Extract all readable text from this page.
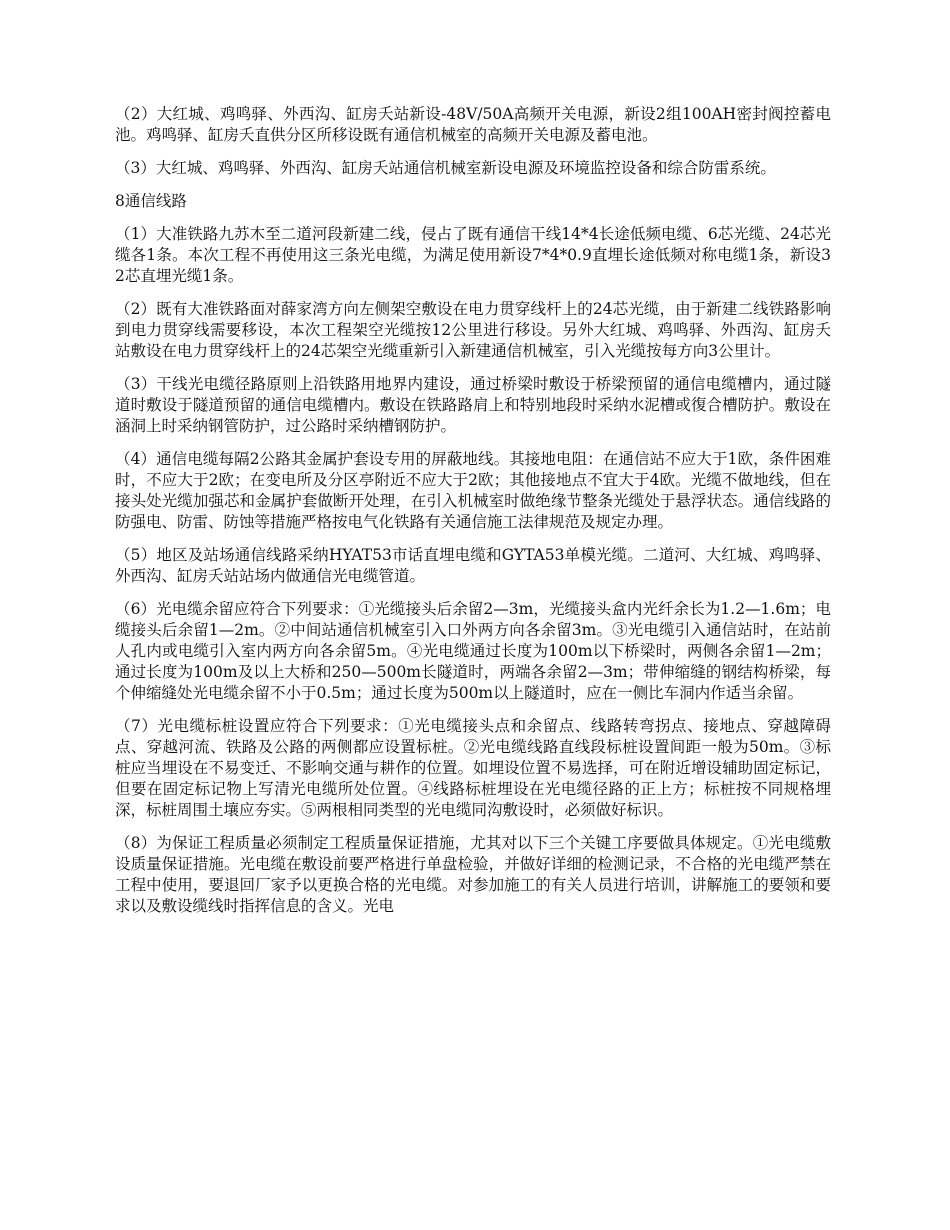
（2）大红城、鸡鸣驿、外西沟、缸房夭站新设-48V/50A高频开关电源，新设2组100AH密封阀控蓄电池。鸡鸣驿、缸房夭直供分区所移设既有通信机械室的高频开关电源及蓄电池。

（3）大红城、鸡鸣驿、外西沟、缸房夭站通信机械室新设电源及环境监控设备和综合防雷系统。

8通信线路

（1）大准铁路九苏木至二道河段新建二线，侵占了既有通信干线14*4长途低频电缆、6芯光缆、24芯光缆各1条。本次工程不再使用这三条光电缆，为满足使用新设7*4*0.9直埋长途低频对称电缆1条，新设32芯直埋光缆1条。

（2）既有大准铁路面对薛家湾方向左侧架空敷设在电力贯穿线杆上的24芯光缆，由于新建二线铁路影响到电力贯穿线需要移设，本次工程架空光缆按12公里进行移设。另外大红城、鸡鸣驿、外西沟、缸房夭站敷设在电力贯穿线杆上的24芯架空光缆重新引入新建通信机械室，引入光缆按每方向3公里计。

（3）干线光电缆径路原则上沿铁路用地界内建设，通过桥梁时敷设于桥梁预留的通信电缆槽内，通过隧道时敷设于隧道预留的通信电缆槽内。敷设在铁路路肩上和特别地段时采纳水泥槽或復合槽防护。敷设在涵洞上时采纳钢管防护，过公路时采纳槽钢防护。

（4）通信电缆每隔2公路其金属护套设专用的屏蔽地线。其接地电阻：在通信站不应大于1欧，条件困难时，不应大于2欧；在变电所及分区亭附近不应大于2欧；其他接地点不宜大于4欧。光缆不做地线，但在接头处光缆加强芯和金属护套做断开处理，在引入机械室时做绝缘节整条光缆处于悬浮状态。通信线路的防强电、防雷、防蚀等措施严格按电气化铁路有关通信施工法律规范及规定办理。

（5）地区及站场通信线路采纳HYAT53市话直埋电缆和GYTA53单模光缆。二道河、大红城、鸡鸣驿、外西沟、缸房夭站站场内做通信光电缆管道。

（6）光电缆余留应符合下列要求：①光缆接头后余留2—3m，光缆接头盒内光纤余长为1.2—1.6m；电缆接头后余留1—2m。②中间站通信机械室引入口外两方向各余留3m。③光电缆引入通信站时，在站前人孔内或电缆引入室内两方向各余留5m。④光电缆通过长度为100m以下桥梁时，两侧各余留1—2m；通过长度为100m及以上大桥和250—500m长隧道时，两端各余留2—3m；带伸缩缝的钢结构桥梁，每个伸缩缝处光电缆余留不小于0.5m；通过长度为500m以上隧道时，应在一侧比车洞内作适当余留。

（7）光电缆标桩设置应符合下列要求：①光电缆接头点和余留点、线路转弯拐点、接地点、穿越障碍点、穿越河流、铁路及公路的两侧都应设置标桩。②光电缆线路直线段标桩设置间距一般为50m。③标桩应当埋设在不易变迁、不影响交通与耕作的位置。如埋设位置不易选择，可在附近增设辅助固定标记，但要在固定标记物上写清光电缆所处位置。④线路标桩埋设在光电缆径路的正上方；标桩按不同规格埋深，标桩周围土壤应夯实。⑤两根相同类型的光电缆同沟敷设时，必须做好标识。

（8）为保证工程质量必须制定工程质量保证措施，尤其对以下三个关键工序要做具体规定。①光电缆敷设质量保证措施。光电缆在敷设前要严格进行单盘检验，并做好详细的检测记录，不合格的光电缆严禁在工程中使用，要退回厂家予以更换合格的光电缆。对参加施工的有关人员进行培训，讲解施工的要领和要求以及敷设缆线时指挥信息的含义。光电
